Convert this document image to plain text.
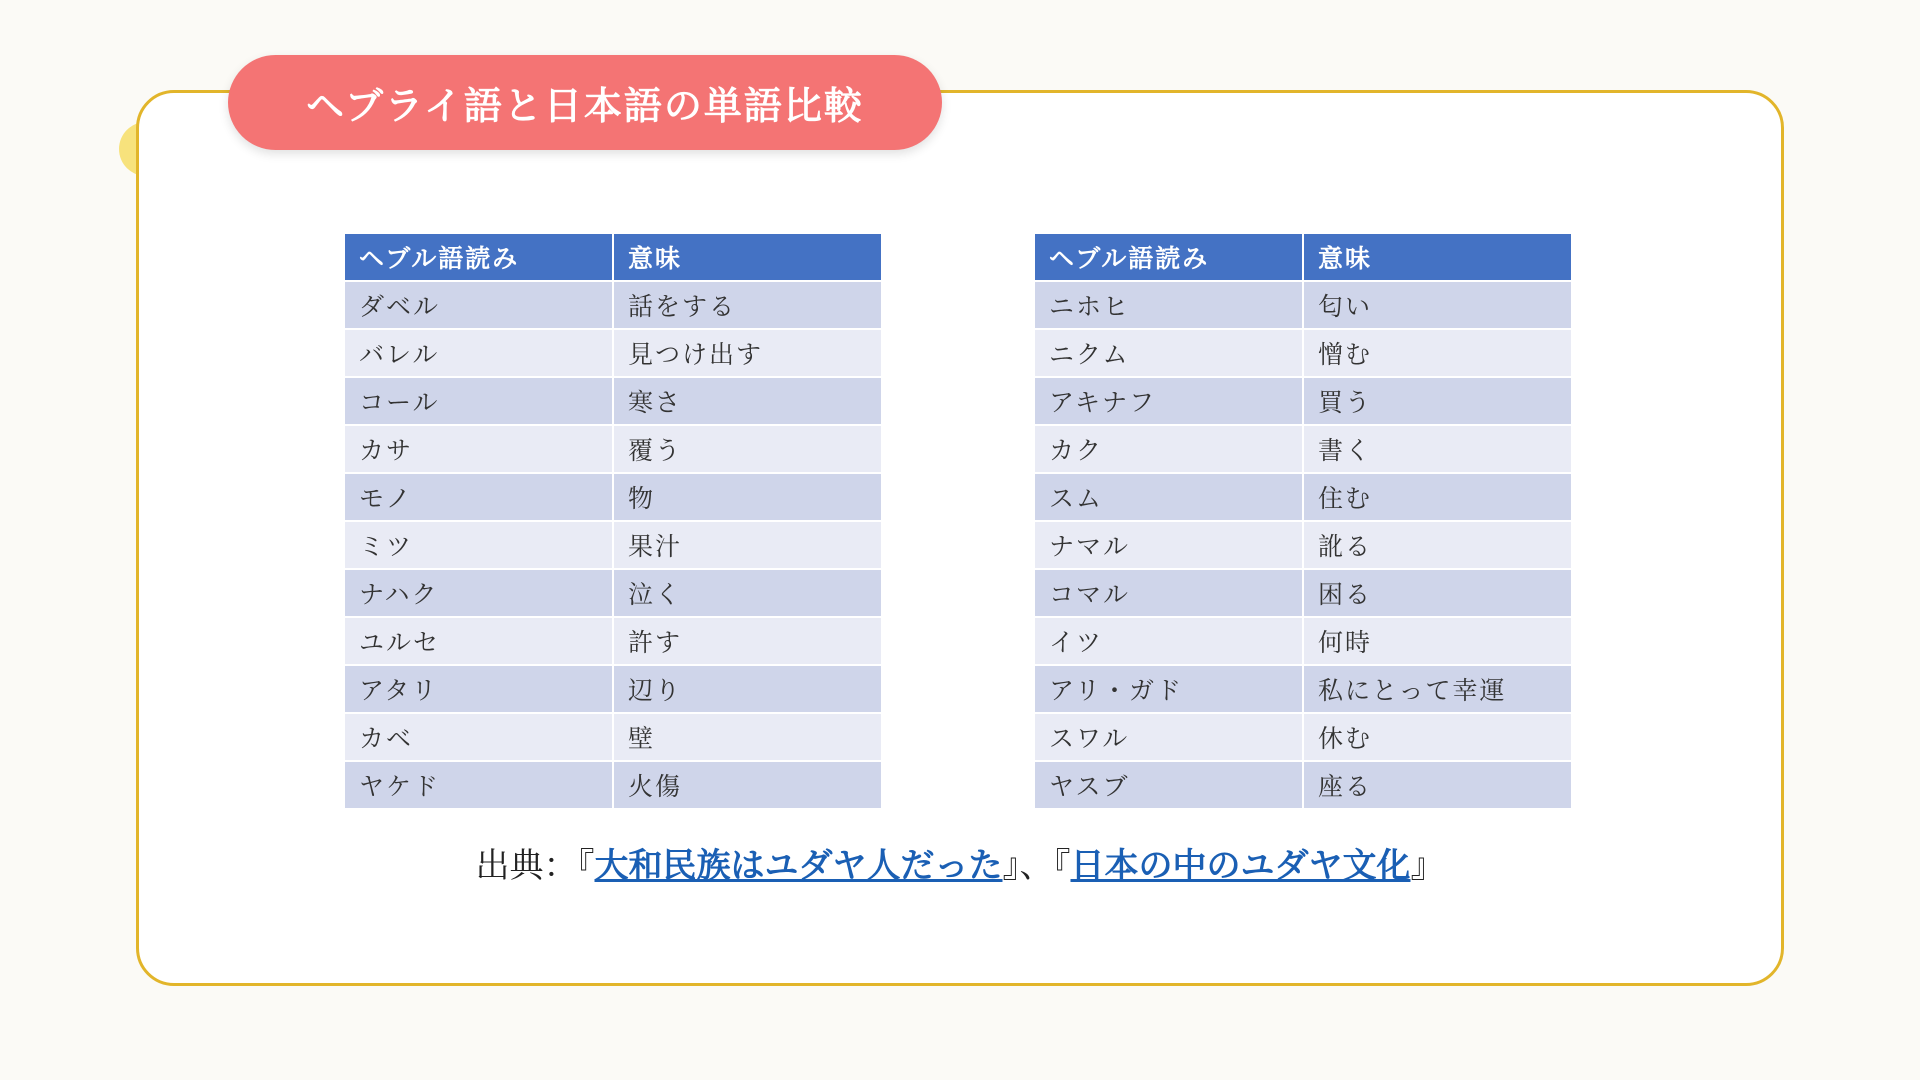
ヘブライ語と日本語の単語比較
ヘブル語読み	意味
ダベル	話をする
バレル	見つけ出す
コール	寒さ
カサ	覆う
モノ	物
ミツ	果汁
ナハク	泣く
ユルセ	許す
アタリ	辺り
カベ	壁
ヤケド	火傷
ヘブル語読み	意味
ニホヒ	匂い
ニクム	憎む
アキナフ	買う
カク	書く
スム	住む
ナマル	訛る
コマル	困る
イツ	何時
アリ・ガド	私にとって幸運
スワル	休む
ヤスブ	座る
出典：『大和民族はユダヤ人だった』、『日本の中のユダヤ文化』
